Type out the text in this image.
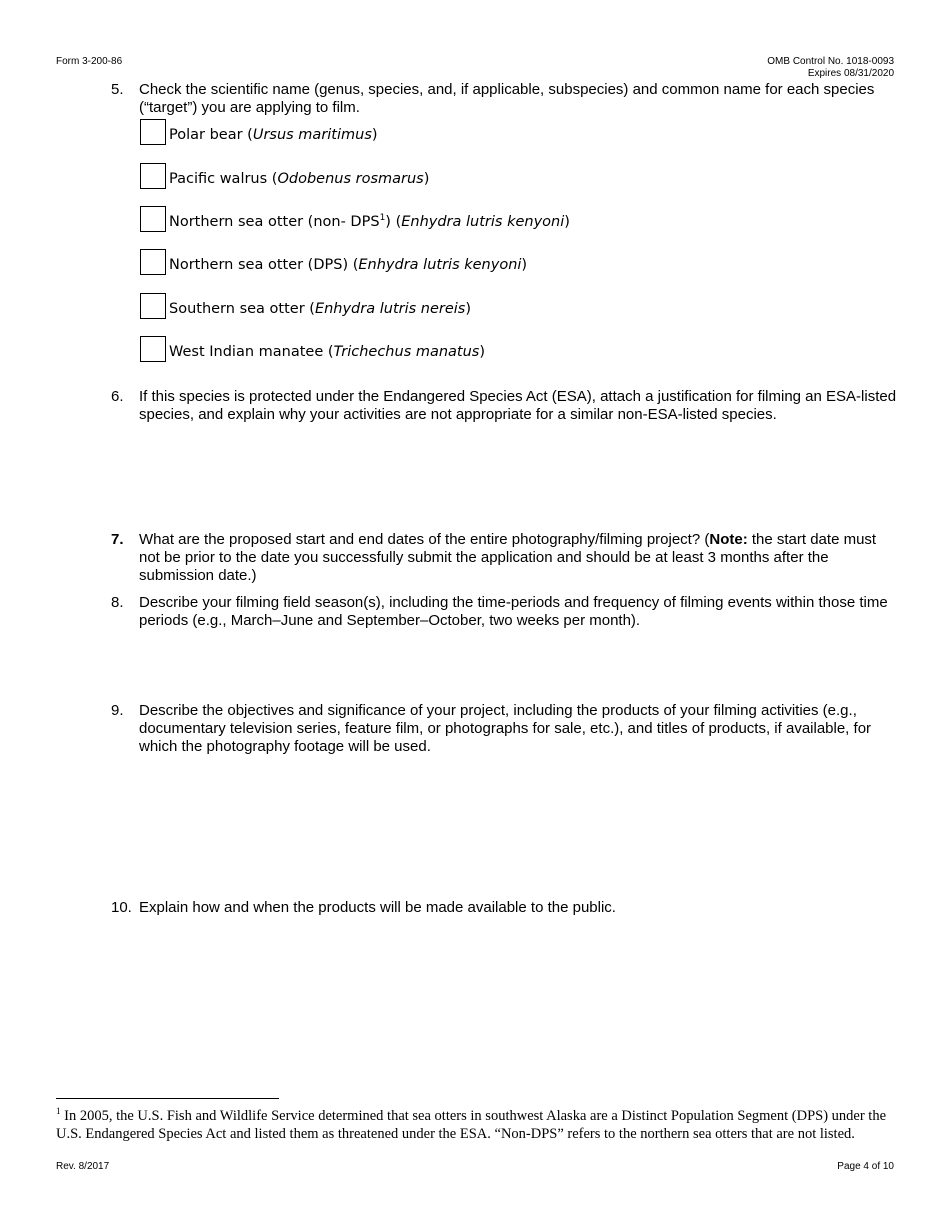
Form 3-200-86	OMB Control No. 1018-0093
Expires 08/31/2020
5.	Check the scientific name (genus, species, and, if applicable, subspecies) and common name for each species (“target”) you are applying to film.
Polar bear (Ursus maritimus)
Pacific walrus (Odobenus rosmarus)
Northern sea otter (non- DPS$^1$) (Enhydra lutris kenyoni)
Northern sea otter (DPS) (Enhydra lutris kenyoni)
Southern sea otter (Enhydra lutris nereis)
West Indian manatee (Trichechus manatus)
6.	If this species is protected under the Endangered Species Act (ESA), attach a justification for filming an ESA-listed species, and explain why your activities are not appropriate for a similar non-ESA-listed species.
7.	What are the proposed start and end dates of the entire photography/filming project? (Note: the start date must not be prior to the date you successfully submit the application and should be at least 3 months after the submission date.)
8.	Describe your filming field season(s), including the time-periods and frequency of filming events within those time periods (e.g., March–June and September–October, two weeks per month).
9.	Describe the objectives and significance of your project, including the products of your filming activities (e.g., documentary television series, feature film, or photographs for sale, etc.), and titles of products, if available, for which the photography footage will be used.
10. Explain how and when the products will be made available to the public.
$^1$ In 2005, the U.S. Fish and Wildlife Service determined that sea otters in southwest Alaska are a Distinct Population Segment (DPS) under the U.S. Endangered Species Act and listed them as threatened under the ESA. “Non-DPS” refers to the northern sea otters that are not listed.
Rev. 8/2017	Page 4 of 10
